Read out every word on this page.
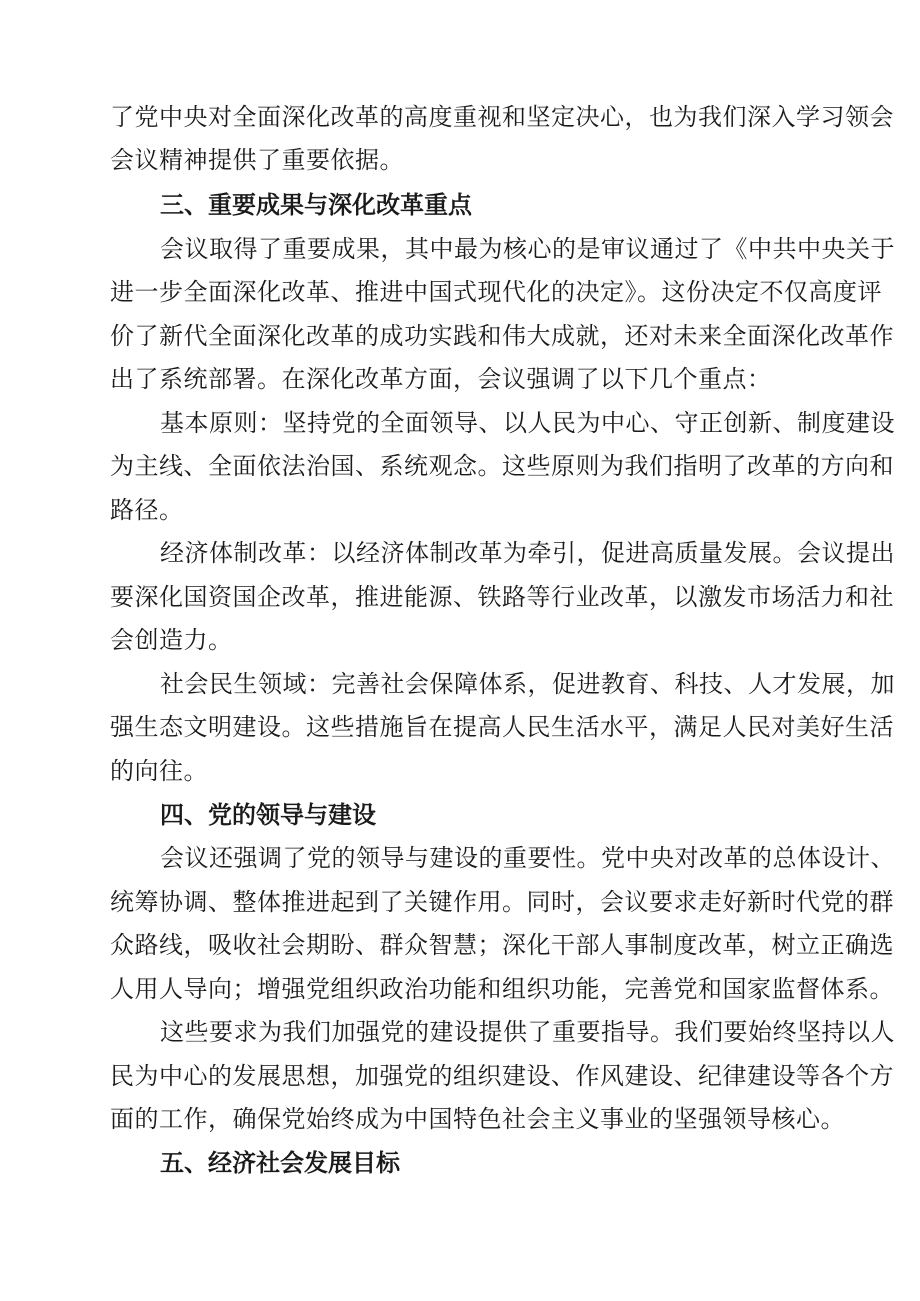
了党中央对全面深化改革的高度重视和坚定决心，也为我们深入学习领会
会议精神提供了重要依据。
三、重要成果与深化改革重点
会议取得了重要成果，其中最为核心的是审议通过了《中共中央关于
进一步全面深化改革、推进中国式现代化的决定》。这份决定不仅高度评
价了新代全面深化改革的成功实践和伟大成就，还对未来全面深化改革作
出了系统部署。在深化改革方面，会议强调了以下几个重点：
基本原则：坚持党的全面领导、以人民为中心、守正创新、制度建设
为主线、全面依法治国、系统观念。这些原则为我们指明了改革的方向和
路径。
经济体制改革：以经济体制改革为牵引，促进高质量发展。会议提出
要深化国资国企改革，推进能源、铁路等行业改革，以激发市场活力和社
会创造力。
社会民生领域：完善社会保障体系，促进教育、科技、人才发展，加
强生态文明建设。这些措施旨在提高人民生活水平，满足人民对美好生活
的向往。
四、党的领导与建设
会议还强调了党的领导与建设的重要性。党中央对改革的总体设计、
统筹协调、整体推进起到了关键作用。同时，会议要求走好新时代党的群
众路线，吸收社会期盼、群众智慧；深化干部人事制度改革，树立正确选
人用人导向；增强党组织政治功能和组织功能，完善党和国家监督体系。
这些要求为我们加强党的建设提供了重要指导。我们要始终坚持以人
民为中心的发展思想，加强党的组织建设、作风建设、纪律建设等各个方
面的工作，确保党始终成为中国特色社会主义事业的坚强领导核心。
五、经济社会发展目标
